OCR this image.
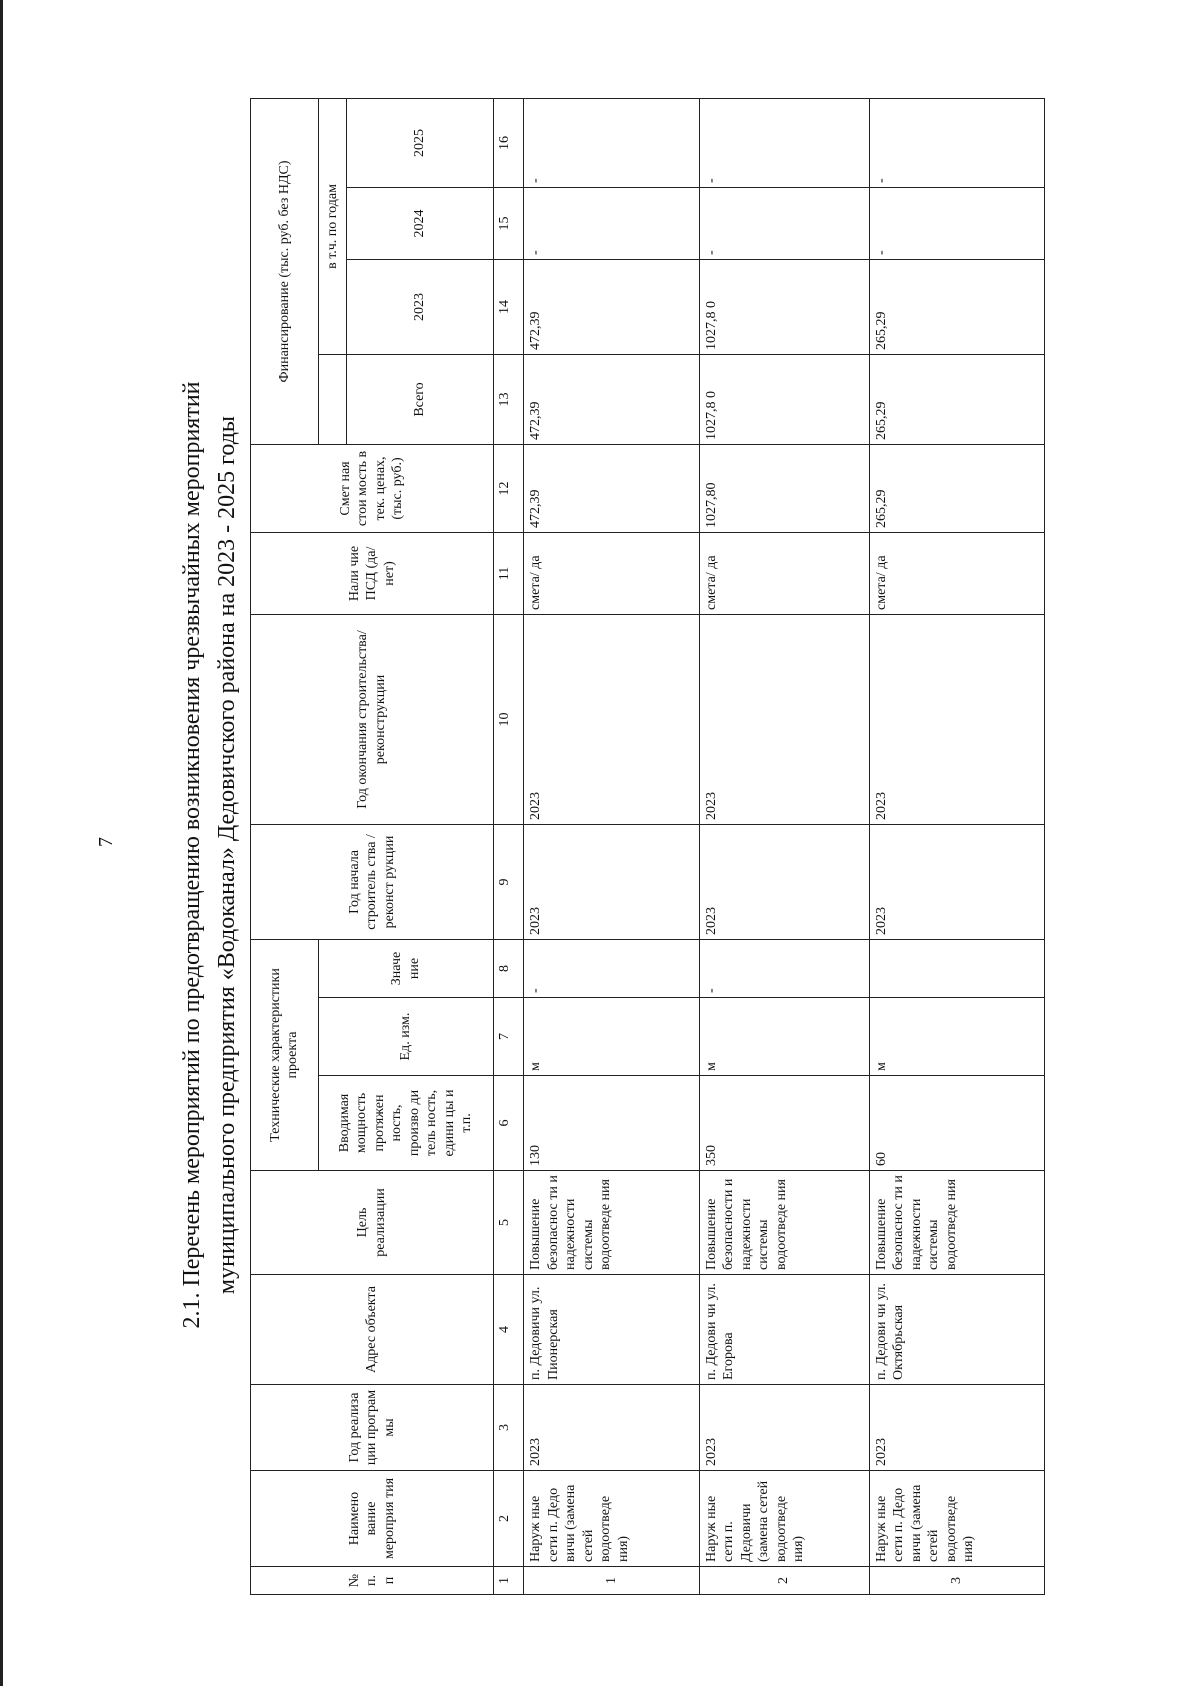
7	2.1. Перечень мероприятий по предотвращению возникновения чрезвычайных мероприятий муниципального предприятия «Водоканал» Дедовичского района на 2023 - 2025 годы
№ п. п	Наимено вание мероприя тия	Год реализа ции програм мы	Адрес объекта	Цель реализации	Технические характеристики проекта			Год начала строитель ства /реконст рукции	Год окончания строительства/ реконструкции	Нали чие ПСД (да/ нет)	Смет ная стои мость в тек. ценах, (тыс. руб.)	Финансирование (тыс. руб. без НДС)			
					Вводимая мощность протяжен ность, произво ди тель ность, едини цы и т.п.	Ед. изм.	Значе ние						в т.ч. по годам		
												Всего	2023	2024	2025
1	2	3	4	5	6	7	8	9	10	11	12	13	14	15	16
1	Наруж ные сети п. Дедо вичи (замена сетей водоотведе ния)	2023	п. Дедовичи ул. Пионерская	Повышение безопаснос ти и надежности системы водоотведе ния	130	м	-	2023	2023	смета/ да	472,39	472,39	472,39	-	-
2	Наруж ные сети п. Дедовичи (замена сетей водоотведе ния)	2023	п. Дедови чи ул. Егорова	Повышение безопасности и надежности системы водоотведе ния	350	м	-	2023	2023	смета/ да	1027,80	1027,8 0	1027,8 0	-	-
3	Наруж ные сети п. Дедо вичи (замена сетей водоотведе ния)	2023	п. Дедови чи ул. Октябрьская	Повышение безопаснос ти и надежности системы водоотведе ния	60	м		2023	2023	смета/ да	265,29	265,29	265,29	-	-
